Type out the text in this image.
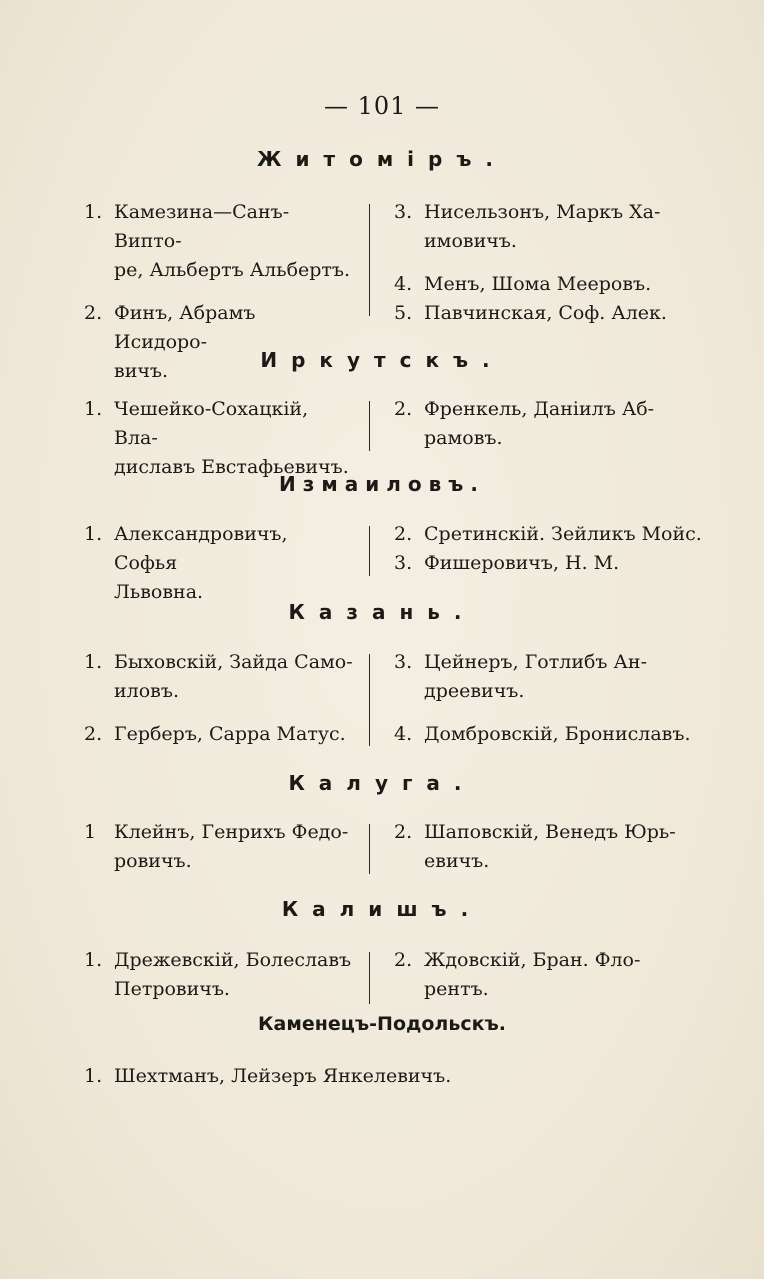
— 101 —
Житомiръ.
1. Камезина—Санъ-Випто-
ре, Альбертъ Альбертъ.
2. Финъ, Абрамъ Исидоро-
вичъ.
3. Нисельзонъ, Маркъ Ха-
имовичъ.
4. Менъ, Шома Мееровъ.
5. Павчинская, Соф. Алек.
Иркутскъ.
1. Чешейко-Сохацкiй, Вла-
диславъ Евстафьевичъ.
2. Френкель, Данiилъ Аб-
рамовъ.
Измаиловъ.
1. Александровичъ, Софья
Львовна.
2. Сретинскiй. Зейликъ Мойс.
3. Фишеровичъ, Н. М.
Казань.
1. Быховскiй, Зайда Само-
иловъ.
2. Герберъ, Сарра Матус.
3. Цейнеръ, Готлибъ Ан-
дреевичъ.
4. Домбровскiй, Брониславъ.
Калуга.
1 Клейнъ, Генрихъ Федо-
ровичъ.
2. Шаповскiй, Венедъ Юрь-
евичъ.
Калишъ.
1. Дрежевскiй, Болеславъ
Петровичъ.
2. Ждовскiй, Бран. Фло-
рентъ.
Каменецъ-Подольскъ.
1. Шехтманъ, Лейзеръ Янкелевичъ.
